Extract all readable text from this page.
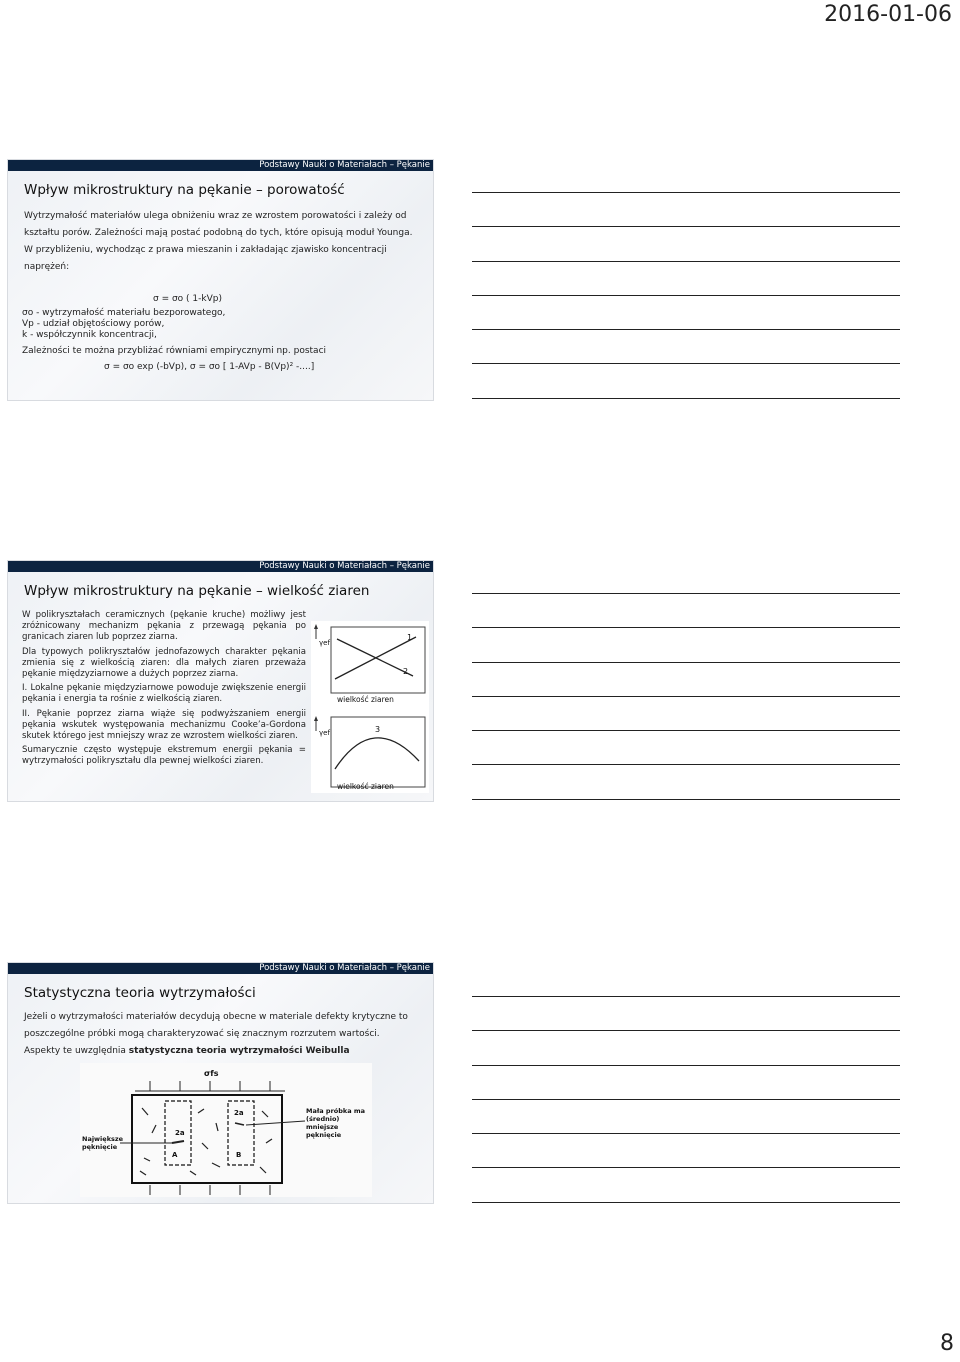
2016-01-06
Podstawy Nauki o Materiałach – Pękanie
Wpływ mikrostruktury na pękanie – porowatość

Wytrzymałość materiałów ulega obniżeniu wraz ze wzrostem porowatości i zależy od kształtu porów. Zależności mają postać podobną do tych, które opisują moduł Younga.

W przybliżeniu, wychodząc z prawa mieszanin i zakładając zjawisko koncentracji naprężeń:

σ = σo ( 1-kVp)

σo - wytrzymałość materiału bezporowatego,

Vp - udział objętościowy porów,

k - współczynnik koncentracji,

Zależności te można przybliżać równiami empirycznymi np. postaci
σ = σo exp (-bVp), σ = σo [ 1-AVp - B(Vp)² -....]
Podstawy Nauki o Materiałach – Pękanie
Wpływ mikrostruktury na pękanie – wielkość ziaren

W polikryształach ceramicznych (pękanie kruche) możliwy jest zróżnicowany mechanizm pękania z przewagą pękania po granicach ziaren lub poprzez ziarna.

Dla typowych polikryształów jednofazowych charakter pękania zmienia się z wielkością ziaren: dla małych ziaren przeważa pękanie międzyziarnowe a dużych poprzez ziarna.

I. Lokalne pękanie międzyziarnowe powoduje zwiększenie energii pękania i energia ta rośnie z wielkością ziaren.

II. Pękanie poprzez ziarna wiąże się podwyższaniem energii pękania wskutek występowania mechanizmu Cooke’a-Gordona skutek którego jest mniejszy wraz ze wzrostem wielkości ziaren.

Sumarycznie często występuje ekstremum energii pękania = wytrzymałości polikryształu dla pewnej wielkości ziaren.

γef
1
2
wielkość ziaren
γef	3
wielkość ziaren
Podstawy Nauki o Materiałach – Pękanie
Statystyczna teoria wytrzymałości

Jeżeli o wytrzymałości materiałów decydują obecne w materiale defekty krytyczne to poszczególne próbki mogą charakteryzować się znacznym rozrzutem wartości.

Aspekty te uwzględnia statystyczna teoria wytrzymałości Weibulla

σfs
Największe pęknięcie
Mała próbka ma (średnio) mniejsze pęknięcie
A	B
2a
2a
8
